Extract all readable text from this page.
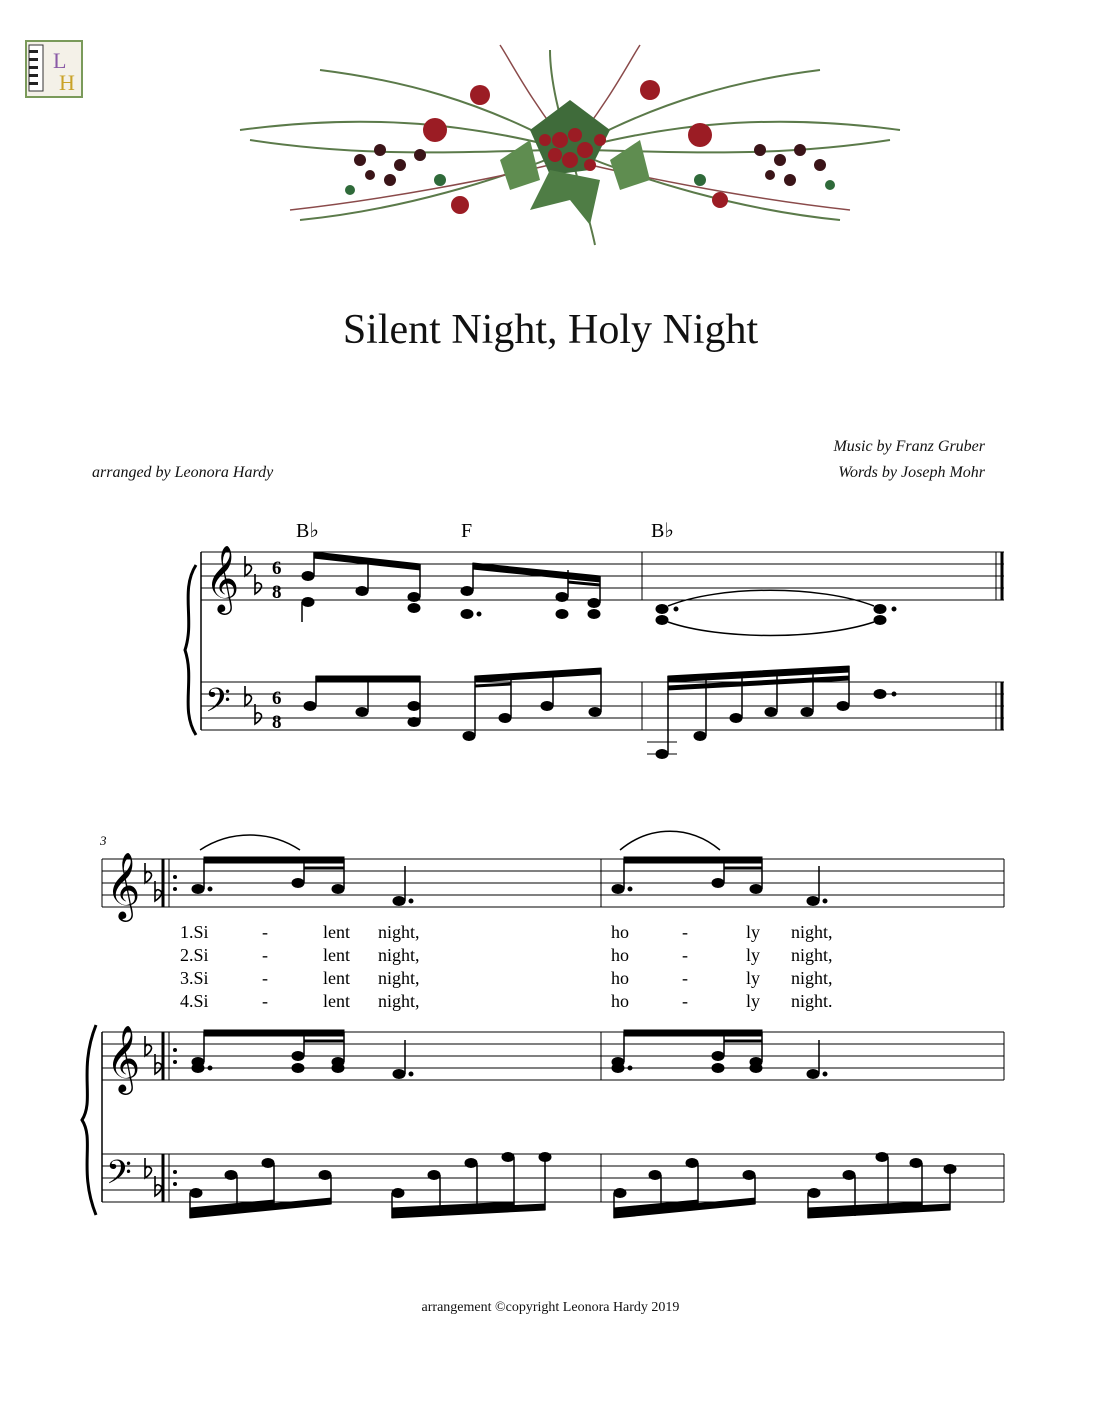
L
H
Silent Night, Holy Night
Music by Franz Gruber
Words by Joseph Mohr
arranged by Leonora Hardy
B♭	F	B♭
𝄞
𝄢
6
8
6
8
3
𝄞
1.Si	-	lent night,	ho	-	ly night,
2.Si	-	lent night,	ho	-	ly night,
3.Si	-	lent night,	ho	-	ly night,
4.Si	-	lent night,	ho	-	ly night.
𝄞
𝄢
arrangement ©copyright Leonora Hardy 2019
